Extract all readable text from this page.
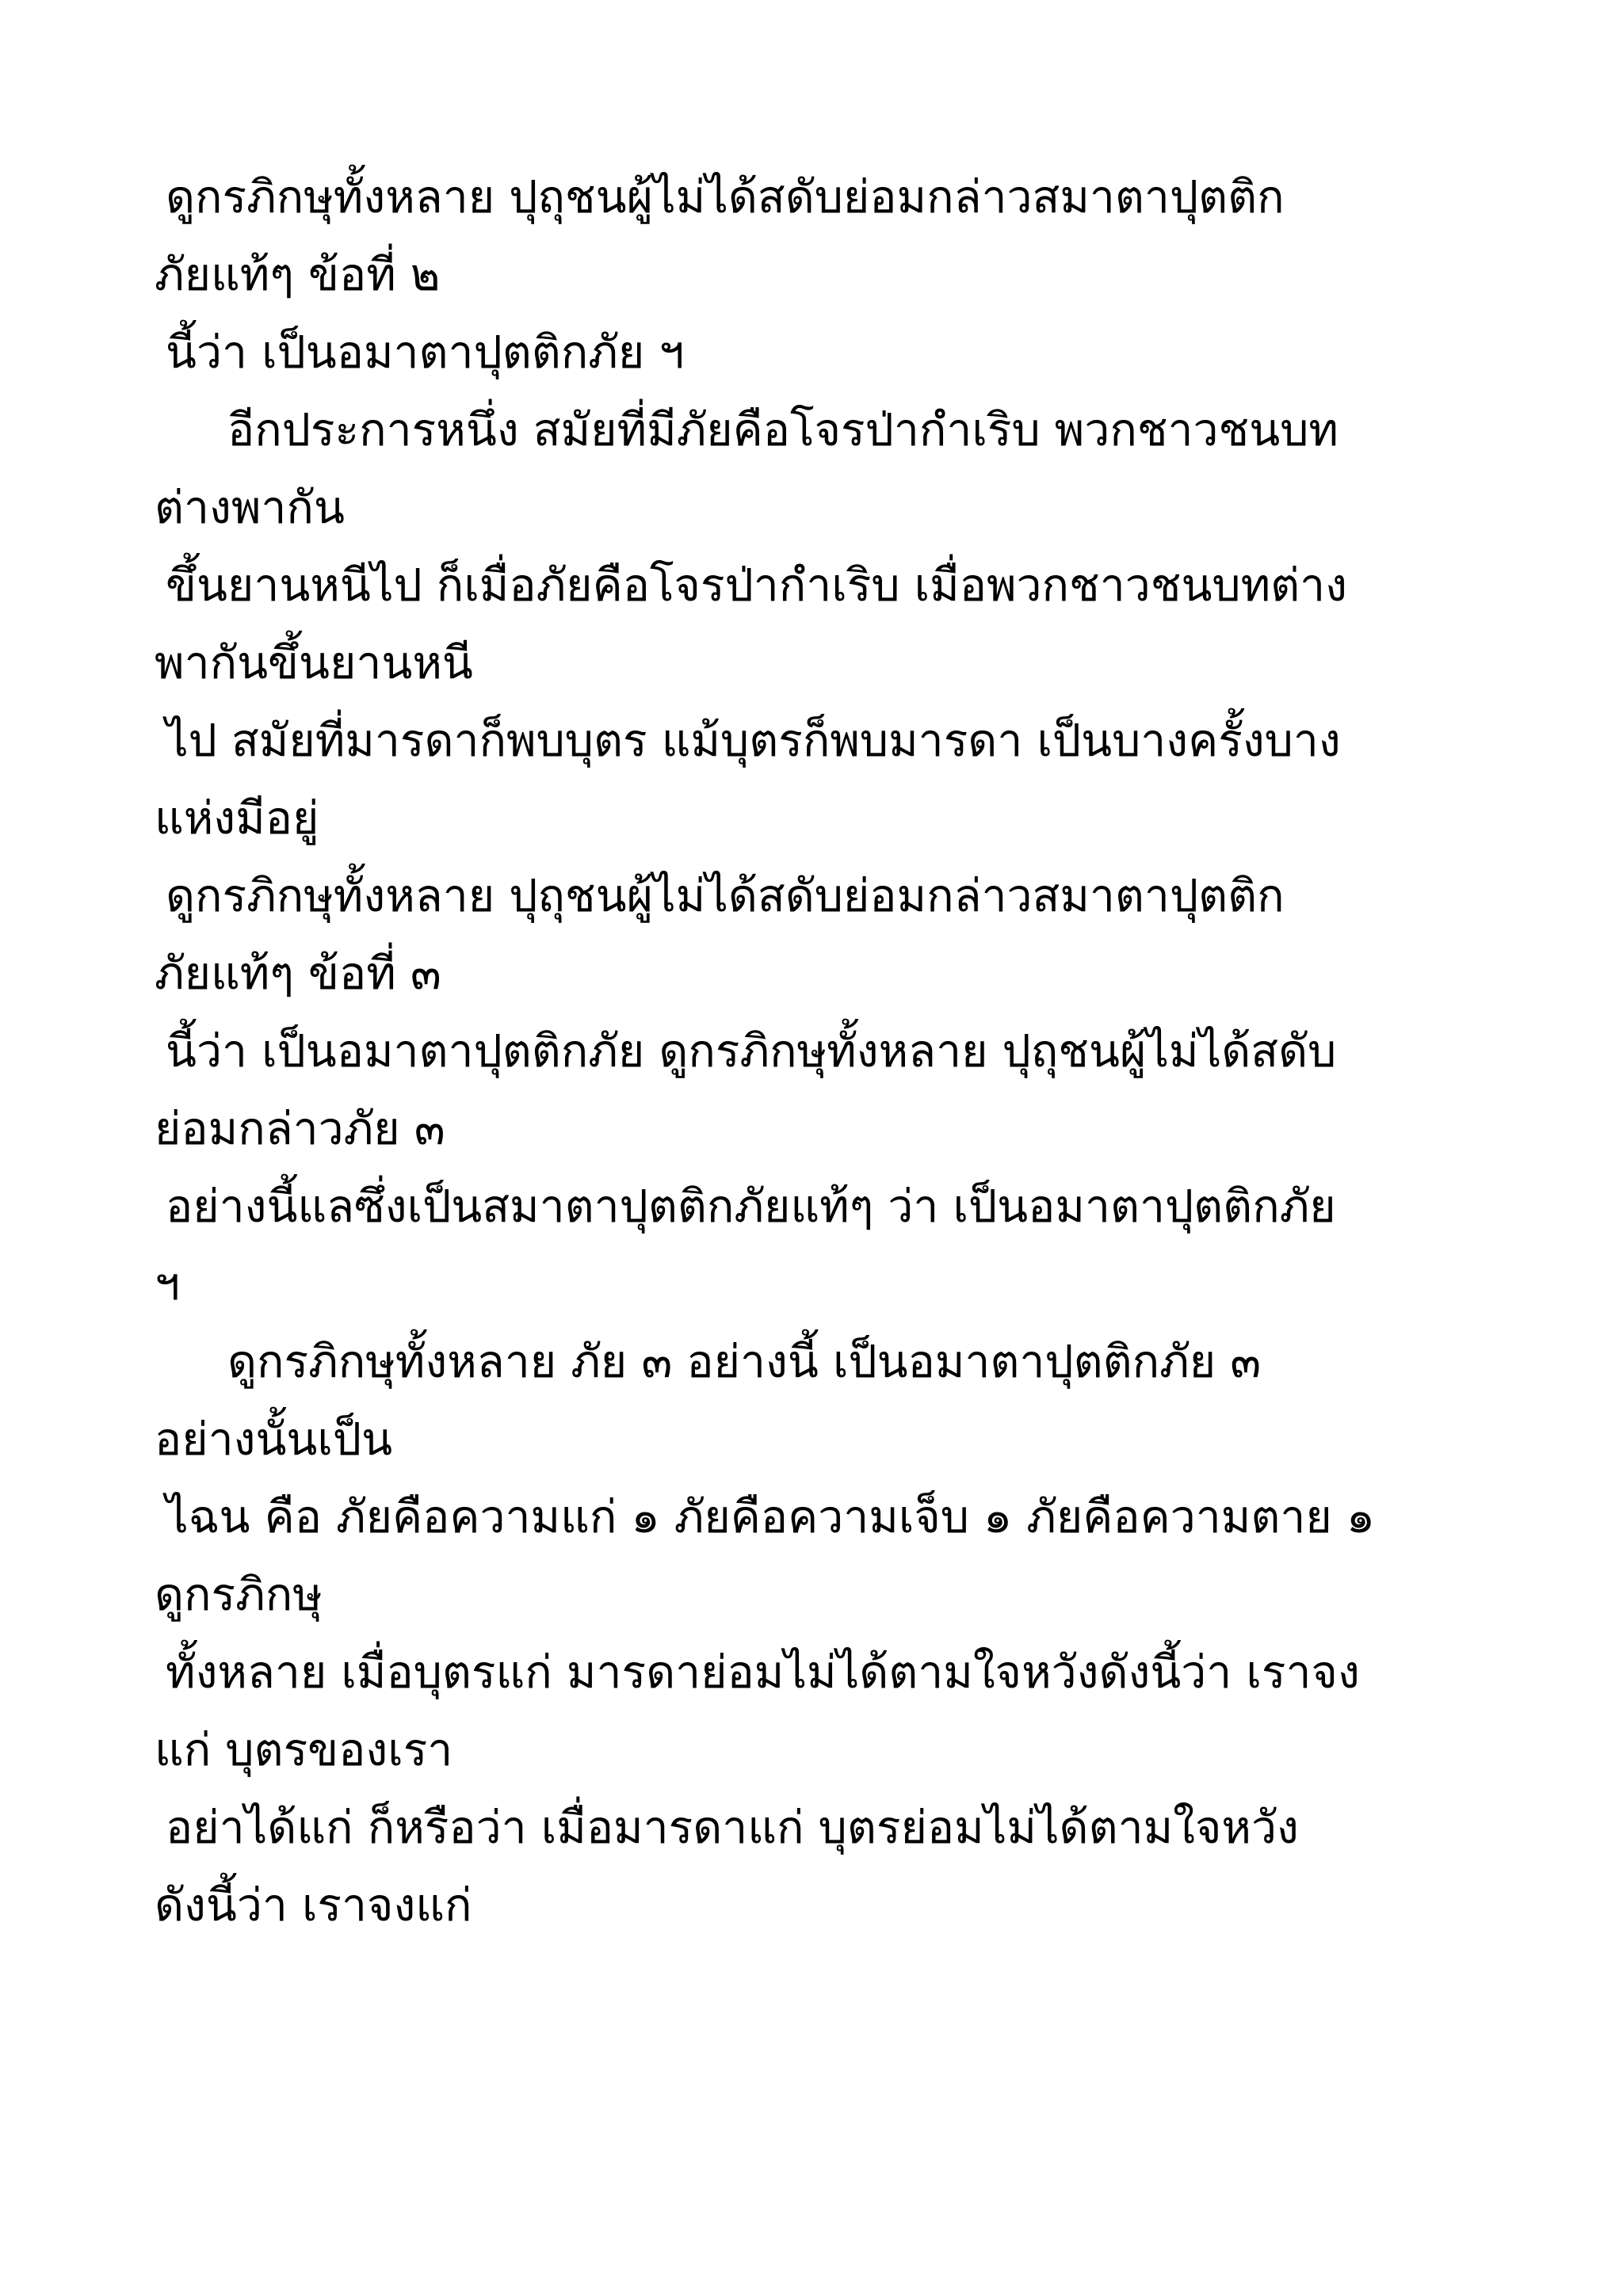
ดูกรภิกษุทั้งหลาย ปุถุชนผู้ไม่ได้สดับย่อมกล่าวสมาตาปุตติก
ภัยแท้ๆ ข้อที่ ๒
นี้ว่า เป็นอมาตาปุตติกภัย ฯ
อีกประการหนึ่ง สมัยที่มีภัยคือโจรป่ากำเริบ พวกชาวชนบท
ต่างพากัน
ขึ้นยานหนีไป ก็เมื่อภัยคือโจรป่ากำเริบ เมื่อพวกชาวชนบทต่าง
พากันขึ้นยานหนี
ไป สมัยที่มารดาก็พบบุตร แม้บุตรก็พบมารดา เป็นบางครั้งบาง
แห่งมีอยู่
ดูกรภิกษุทั้งหลาย ปุถุชนผู้ไม่ได้สดับย่อมกล่าวสมาตาปุตติก
ภัยแท้ๆ ข้อที่ ๓
นี้ว่า เป็นอมาตาปุตติกภัย ดูกรภิกษุทั้งหลาย ปุถุชนผู้ไม่ได้สดับ
ย่อมกล่าวภัย ๓
อย่างนี้แลซึ่งเป็นสมาตาปุตติกภัยแท้ๆ ว่า เป็นอมาตาปุตติกภัย
ฯ
ดูกรภิกษุทั้งหลาย ภัย ๓ อย่างนี้ เป็นอมาตาปุตติกภัย ๓
อย่างนั้นเป็น
ไฉน คือ ภัยคือความแก่ ๑ ภัยคือความเจ็บ ๑ ภัยคือความตาย ๑
ดูกรภิกษุ
ทั้งหลาย เมื่อบุตรแก่ มารดาย่อมไม่ได้ตามใจหวังดังนี้ว่า เราจง
แก่ บุตรของเรา
อย่าได้แก่ ก็หรือว่า เมื่อมารดาแก่ บุตรย่อมไม่ได้ตามใจหวัง
ดังนี้ว่า เราจงแก่
